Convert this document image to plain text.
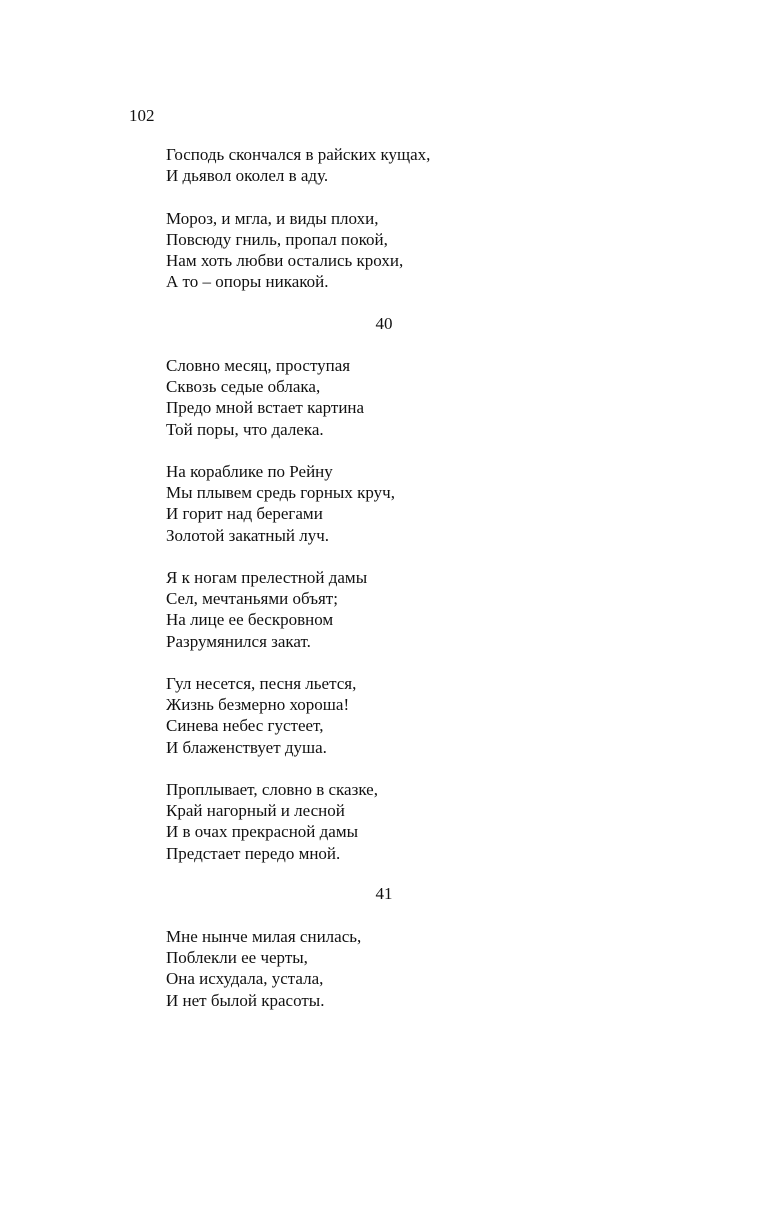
102
Господь скончался в райских кущах,
И дьявол околел в аду.
Мороз, и мгла, и виды плохи,
Повсюду гниль, пропал покой,
Нам хоть любви остались крохи,
А то – опоры никакой.
40
Словно месяц, проступая
Сквозь седые облака,
Предо мной встает картина
Той поры, что далека.
На кораблике по Рейну
Мы плывем средь горных круч,
И горит над берегами
Золотой закатный луч.
Я к ногам прелестной дамы
Сел, мечтаньями объят;
На лице ее бескровном
Разрумянился закат.
Гул несется, песня льется,
Жизнь безмерно хороша!
Синева небес густеет,
И блаженствует душа.
Проплывает, словно в сказке,
Край нагорный и лесной
И в очах прекрасной дамы
Предстает передо мной.
41
Мне нынче милая снилась,
Поблекли ее черты,
Она исхудала, устала,
И нет былой красоты.
